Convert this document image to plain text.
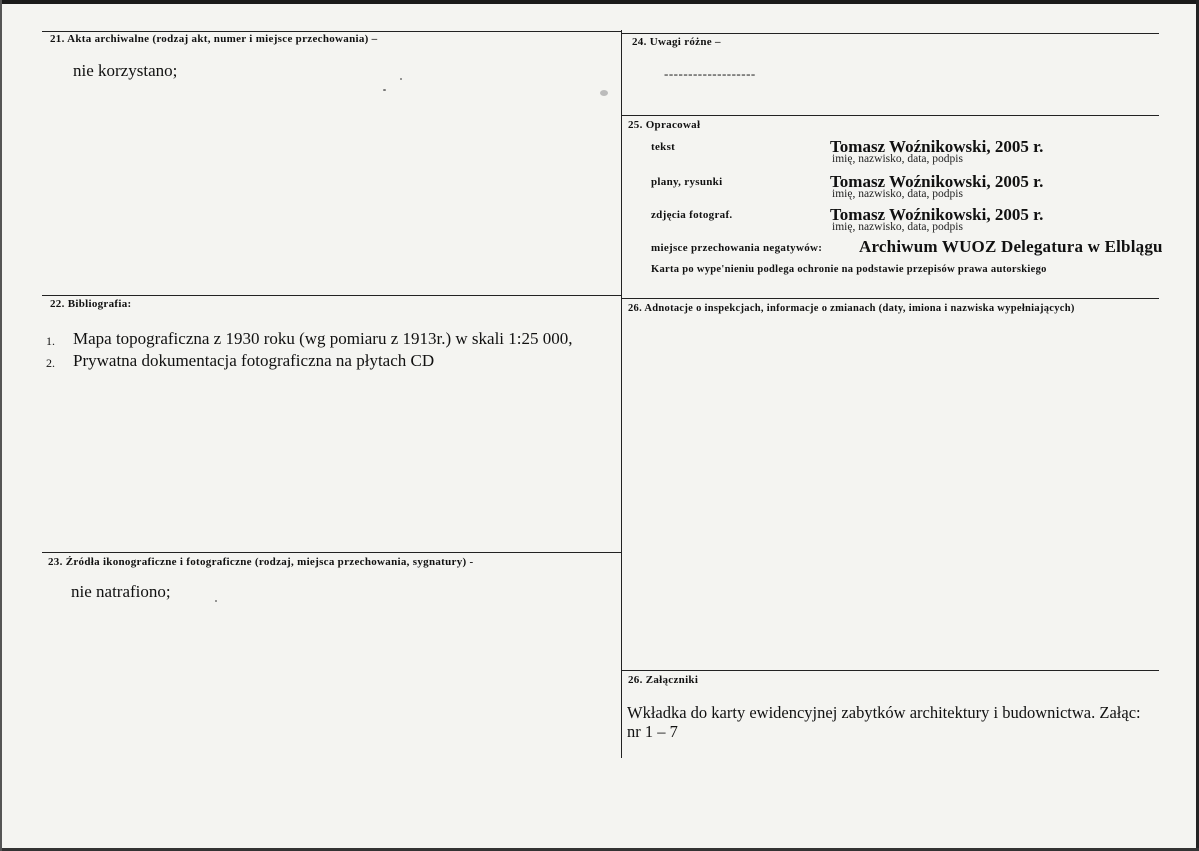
21. Akta archiwalne (rodzaj akt, numer i miejsce przechowania) –
nie korzystano;
22. Bibliografia:
1. Mapa topograficzna z 1930 roku (wg pomiaru z 1913r.) w skali 1:25 000,
2. Prywatna dokumentacja fotograficzna na płytach CD
23. Źródła ikonograficzne i fotograficzne (rodzaj, miejsca przechowania, sygnatury) -
nie natrafiono;
24. Uwagi różne –
-------------------
25. Opracował
tekst	Tomasz Woźnikowski, 2005 r.
imię, nazwisko, data, podpis
plany, rysunki	Tomasz Woźnikowski, 2005 r.
imię, nazwisko, data, podpis
zdjęcia fotograf.	Tomasz Woźnikowski, 2005 r.
imię, nazwisko, data, podpis
miejsce przechowania negatywów: Archiwum WUOZ Delegatura w Elblągu
Karta po wype'nieniu podlega ochronie na podstawie przepisów prawa autorskiego
26. Adnotacje o inspekcjach, informacje o zmianach (daty, imiona i nazwiska wypełniających)
26. Załączniki
Wkładka do karty ewidencyjnej zabytków architektury i budownictwa. Załąc:
nr 1 – 7
